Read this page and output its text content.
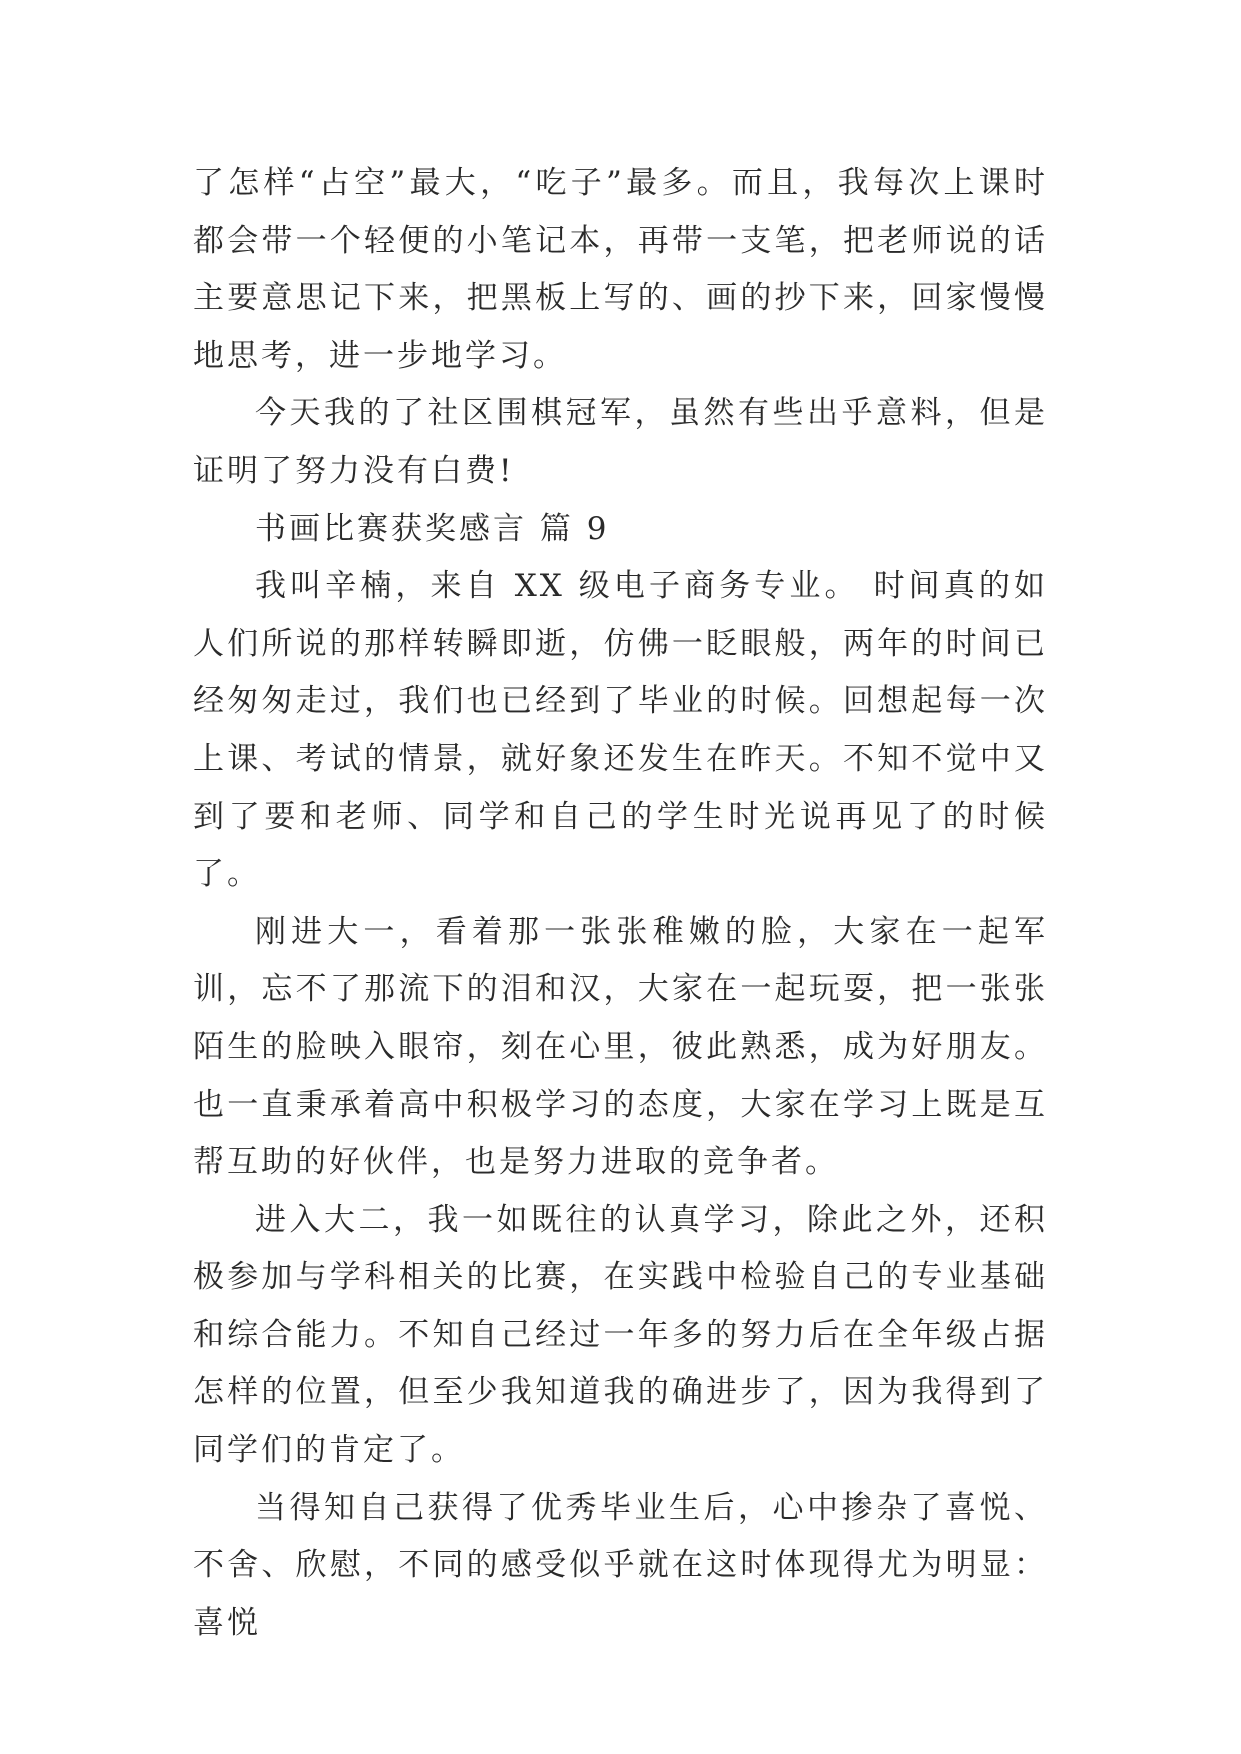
了怎样“占空”最大，“吃子”最多。而且，我每次上课时都会带一个轻便的小笔记本，再带一支笔，把老师说的话主要意思记下来，把黑板上写的、画的抄下来，回家慢慢地思考，进一步地学习。

今天我的了社区围棋冠军，虽然有些出乎意料，但是证明了努力没有白费!

书画比赛获奖感言 篇 9

我叫辛楠，来自 XX 级电子商务专业。 时间真的如人们所说的那样转瞬即逝，仿佛一眨眼般，两年的时间已经匆匆走过，我们也已经到了毕业的时候。回想起每一次上课、考试的情景，就好象还发生在昨天。不知不觉中又到了要和老师、同学和自己的学生时光说再见了的时候了。

刚进大一，看着那一张张稚嫩的脸，大家在一起军训，忘不了那流下的泪和汉，大家在一起玩耍，把一张张陌生的脸映入眼帘，刻在心里，彼此熟悉，成为好朋友。也一直秉承着高中积极学习的态度，大家在学习上既是互帮互助的好伙伴，也是努力进取的竞争者。

进入大二，我一如既往的认真学习，除此之外，还积极参加与学科相关的比赛，在实践中检验自己的专业基础和综合能力。不知自己经过一年多的努力后在全年级占据怎样的位置，但至少我知道我的确进步了，因为我得到了同学们的肯定了。

当得知自己获得了优秀毕业生后，心中掺杂了喜悦、不舍、欣慰，不同的感受似乎就在这时体现得尤为明显：喜悦
